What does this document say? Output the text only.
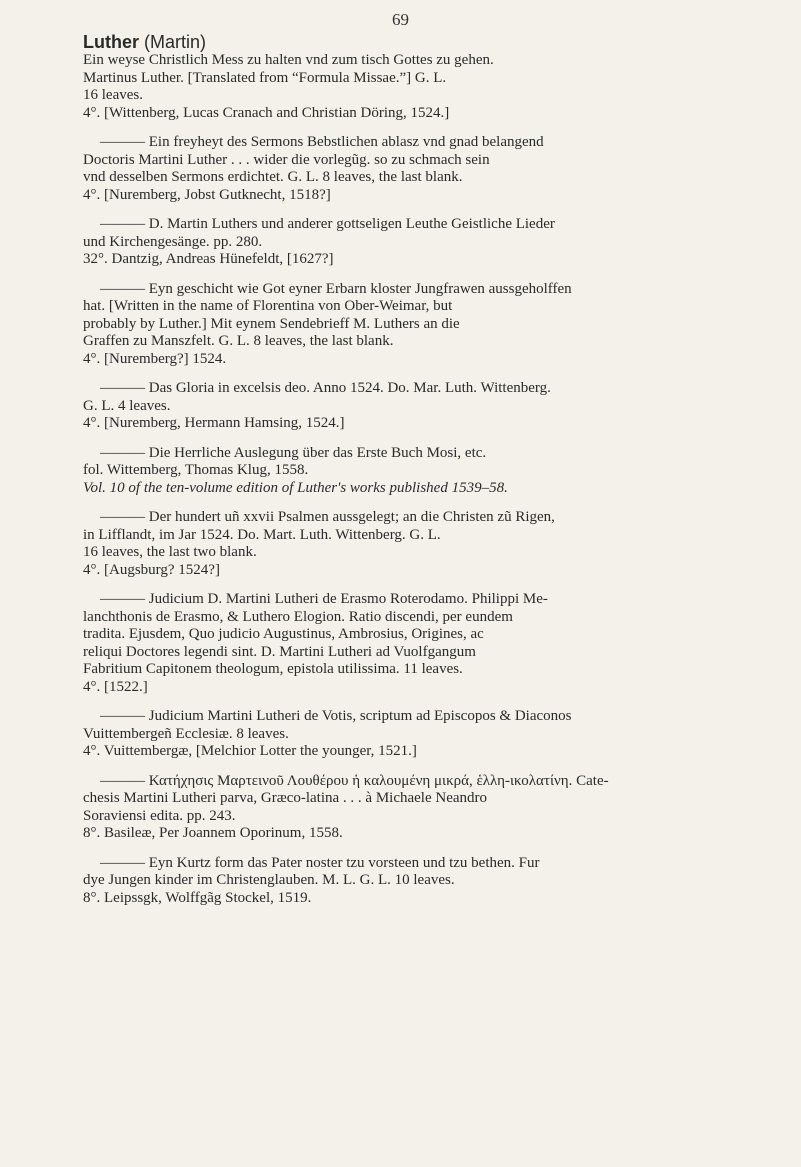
69
Luther (Martin)

Ein weyse Christlich Mess zu halten vnd zum tisch Gottes zu gehen.

Martinus Luther. [Translated from “Formula Missae.”] G. L.

16 leaves.

4°. [Wittenberg, Lucas Cranach and Christian Döring, 1524.]

——— Ein freyheyt des Sermons Bebstlichen ablasz vnd gnad belangend

Doctoris Martini Luther . . . wider die vorlegũg. so zu schmach sein

vnd desselben Sermons erdichtet. G. L. 8 leaves, the last blank.

4°. [Nuremberg, Jobst Gutknecht, 1518?]

——— D. Martin Luthers und anderer gottseligen Leuthe Geistliche Lieder

und Kirchengesänge. pp. 280.

32°. Dantzig, Andreas Hünefeldt, [1627?]

——— Eyn geschicht wie Got eyner Erbarn kloster Jungfrawen aussgeholffen

hat. [Written in the name of Florentina von Ober-Weimar, but

probably by Luther.] Mit eynem Sendebrieff M. Luthers an die

Graffen zu Manszfelt. G. L. 8 leaves, the last blank.

4°. [Nuremberg?] 1524.

——— Das Gloria in excelsis deo. Anno 1524. Do. Mar. Luth. Wittenberg.

G. L. 4 leaves.

4°. [Nuremberg, Hermann Hamsing, 1524.]

——— Die Herrliche Auslegung über das Erste Buch Mosi, etc.

fol. Wittemberg, Thomas Klug, 1558.

Vol. 10 of the ten-volume edition of Luther's works published 1539–58.

——— Der hundert uñ xxvii Psalmen aussgelegt; an die Christen zũ Rigen,

in Lifflandt, im Jar 1524. Do. Mart. Luth. Wittenberg. G. L.

16 leaves, the last two blank.

4°. [Augsburg? 1524?]

——— Judicium D. Martini Lutheri de Erasmo Roterodamo. Philippi Me-

lanchthonis de Erasmo, & Luthero Elogion. Ratio discendi, per eundem

tradita. Ejusdem, Quo judicio Augustinus, Ambrosius, Origines, ac

reliqui Doctores legendi sint. D. Martini Lutheri ad Vuolfgangum

Fabritium Capitonem theologum, epistola utilissima. 11 leaves.

4°. [1522.]

——— Judicium Martini Lutheri de Votis, scriptum ad Episcopos & Diaconos

Vuittembergeñ Ecclesiæ. 8 leaves.

4°. Vuittembergæ, [Melchior Lotter the younger, 1521.]

——— Κατήχησις Μαρτεινοῦ Λουθέρου ἡ καλουμένη μικρά, ἑλλη-ικολατίνη. Cate-

chesis Martini Lutheri parva, Græco-latina . . . à Michaele Neandro

Soraviensi edita. pp. 243.

8°. Basileæ, Per Joannem Oporinum, 1558.

——— Eyn Kurtz form das Pater noster tzu vorsteen und tzu bethen. Fur

dye Jungen kinder im Christenglauben. M. L. G. L. 10 leaves.

8°. Leipssgk, Wolffgãg Stockel, 1519.
